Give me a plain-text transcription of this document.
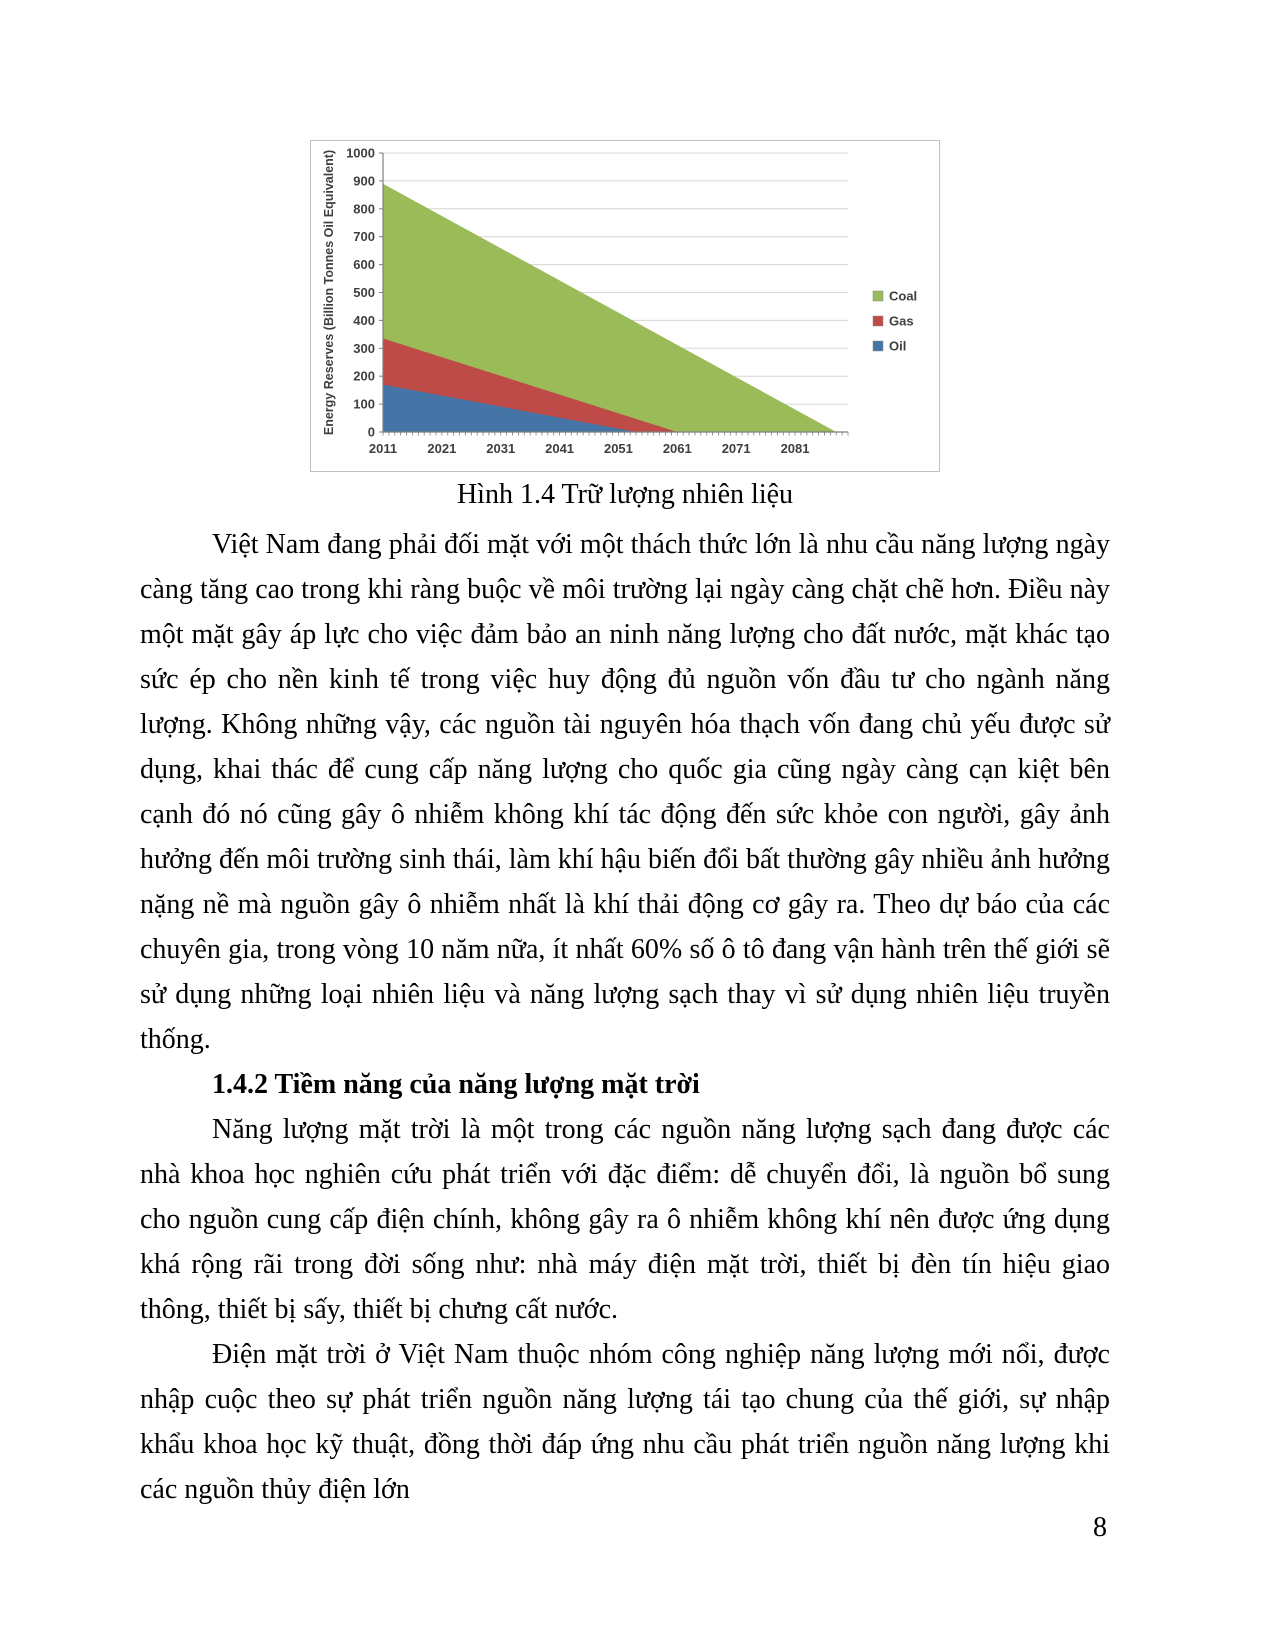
0
100
200
300
400
500
600
700
800
900
1000
2011 2021 2031 2041 2051 2061 2071 2081
Energy Reserves (Billion Tonnes Oil Equivalent)	Coal
Gas
Oil
Hình 1.4 Trữ lượng nhiên liệu

Việt Nam đang phải đối mặt với một thách thức lớn là nhu cầu năng lượng ngày càng tăng cao trong khi ràng buộc về môi trường lại ngày càng chặt chẽ hơn. Điều này một mặt gây áp lực cho việc đảm bảo an ninh năng lượng cho đất nước, mặt khác tạo sức ép cho nền kinh tế trong việc huy động đủ nguồn vốn đầu tư cho ngành năng lượng. Không những vậy, các nguồn tài nguyên hóa thạch vốn đang chủ yếu được sử dụng, khai thác để cung cấp năng lượng cho quốc gia cũng ngày càng cạn kiệt bên cạnh đó nó cũng gây ô nhiễm không khí tác động đến sức khỏe con người, gây ảnh hưởng đến môi trường sinh thái, làm khí hậu biến đổi bất thường gây nhiều ảnh hưởng nặng nề mà nguồn gây ô nhiễm nhất là khí thải động cơ gây ra. Theo dự báo của các chuyên gia, trong vòng 10 năm nữa, ít nhất 60% số ô tô đang vận hành trên thế giới sẽ sử dụng những loại nhiên liệu và năng lượng sạch thay vì sử dụng nhiên liệu truyền thống.

1.4.2 Tiềm năng của năng lượng mặt trời

Năng lượng mặt trời là một trong các nguồn năng lượng sạch đang được các nhà khoa học nghiên cứu phát triển với đặc điểm: dễ chuyển đổi, là nguồn bổ sung cho nguồn cung cấp điện chính, không gây ra ô nhiễm không khí nên được ứng dụng khá rộng rãi trong đời sống như: nhà máy điện mặt trời, thiết bị đèn tín hiệu giao thông, thiết bị sấy, thiết bị chưng cất nước.

Điện mặt trời ở Việt Nam thuộc nhóm công nghiệp năng lượng mới nổi, được nhập cuộc theo sự phát triển nguồn năng lượng tái tạo chung của thế giới, sự nhập khẩu khoa học kỹ thuật, đồng thời đáp ứng nhu cầu phát triển nguồn năng lượng khi các nguồn thủy điện lớn

8
